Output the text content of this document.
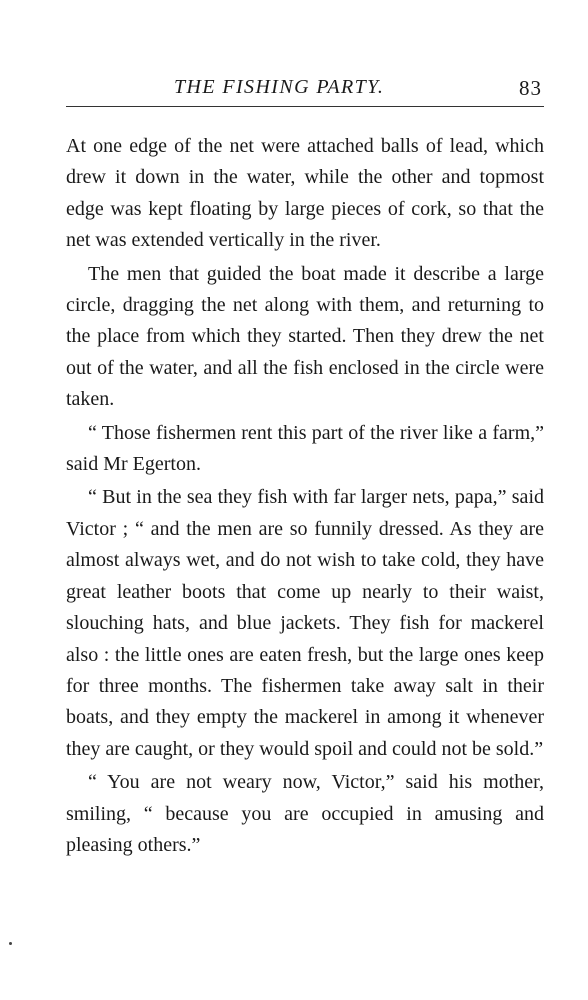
THE FISHING PARTY.	83

At one edge of the net were attached balls of lead, which drew it down in the water, while the other and topmost edge was kept floating by large pieces of cork, so that the net was extended vertically in the river.

The men that guided the boat made it describe a large circle, dragging the net along with them, and returning to the place from which they started. Then they drew the net out of the water, and all the fish enclosed in the circle were taken.

“ Those fishermen rent this part of the river like a farm,” said Mr Egerton.

“ But in the sea they fish with far larger nets, papa,” said Victor ; “ and the men are so funnily dressed. As they are almost always wet, and do not wish to take cold, they have great leather boots that come up nearly to their waist, slouching hats, and blue jackets. They fish for mackerel also : the little ones are eaten fresh, but the large ones keep for three months. The fishermen take away salt in their boats, and they empty the mackerel in among it whenever they are caught, or they would spoil and could not be sold.”

“ You are not weary now, Victor,” said his mother, smiling, “ because you are occupied in amusing and pleasing others.”
